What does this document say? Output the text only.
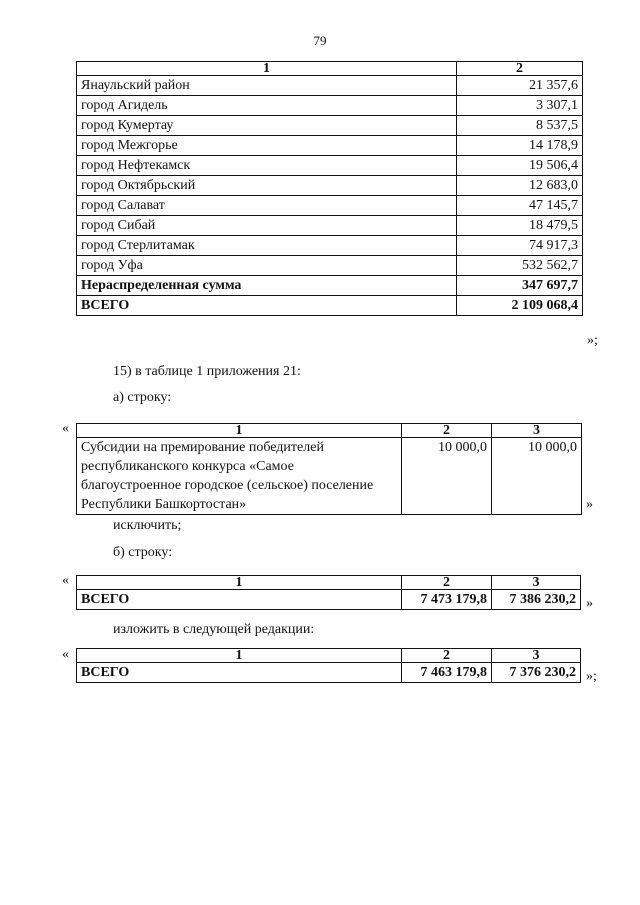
79
1	2
Янаульский район	21 357,6
город Агидель	3 307,1
город Кумертау	8 537,5
город Межгорье	14 178,9
город Нефтекамск	19 506,4
город Октябрьский	12 683,0
город Салават	47 145,7
город Сибай	18 479,5
город Стерлитамак	74 917,3
город Уфа	532 562,7
Нераспределенная сумма	347 697,7
ВСЕГО	2 109 068,4
»;
15) в таблице 1 приложения 21:
а) строку:
«	1	2	3
Субсидии на премирование победителей республиканского конкурса «Самое благоустроенное городское (сельское) поселение Республики Башкортостан»	10 000,0	10 000,0
»
исключить;
б) строку:
«	1	2	3
ВСЕГО	7 473 179,8	7 386 230,2 »
изложить в следующей редакции:
«	1	2	3
ВСЕГО	7 463 179,8	7 376 230,2 »;
